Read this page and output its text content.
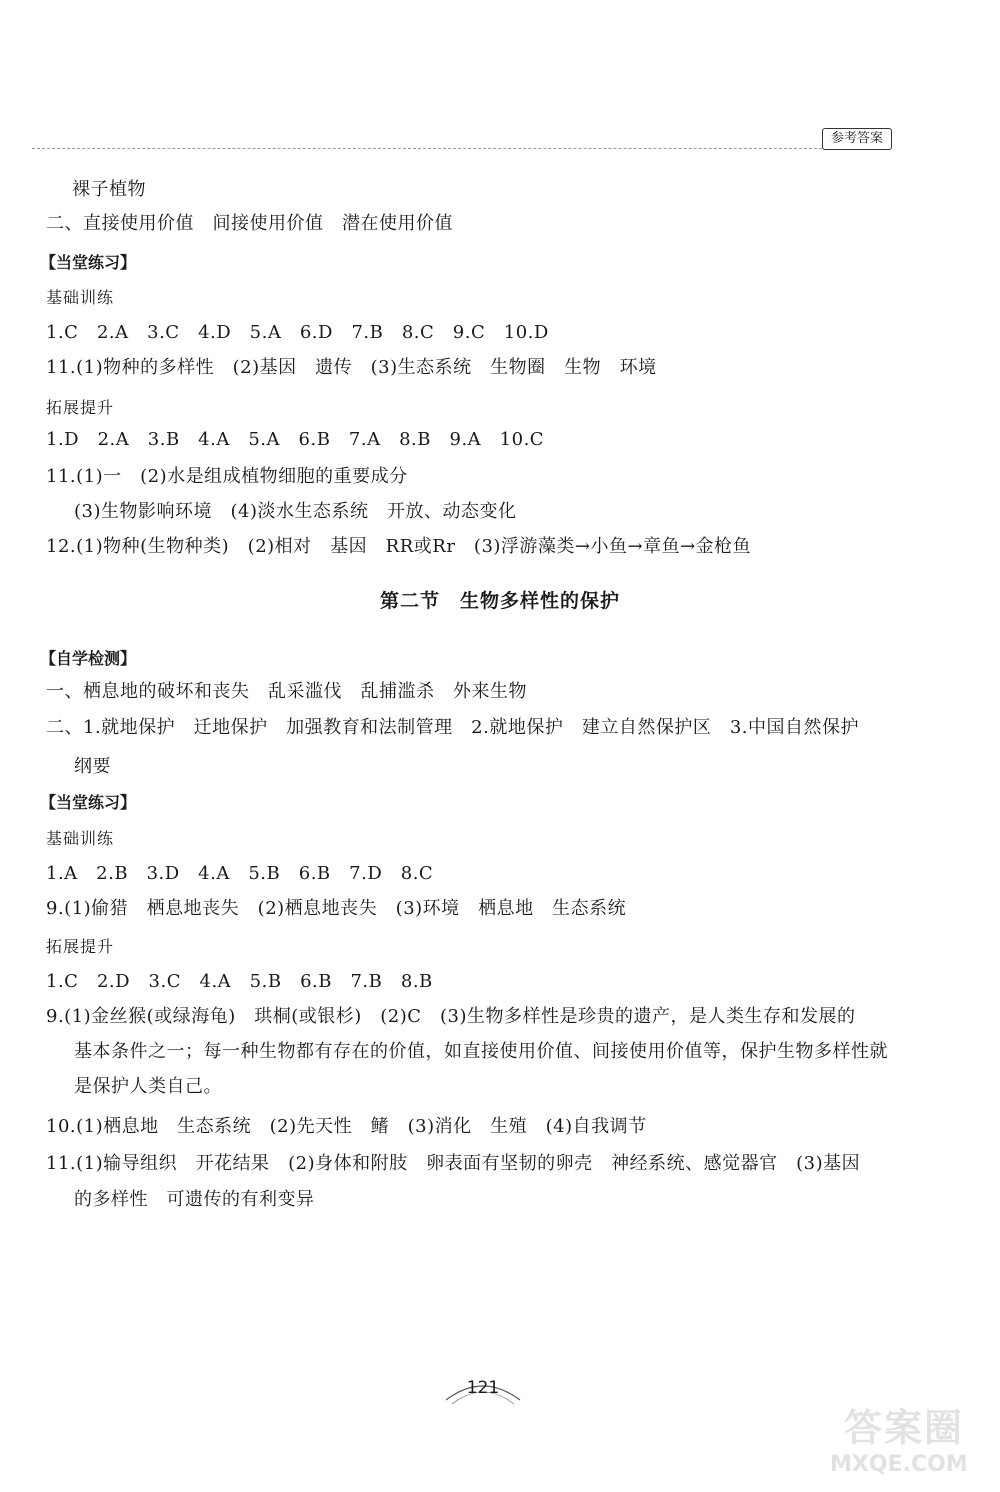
参考答案
裸子植物
二、直接使用价值　间接使用价值　潜在使用价值
【当堂练习】
基础训练
1.C　2.A　3.C　4.D　5.A　6.D　7.B　8.C　9.C　10.D
11.(1)物种的多样性　(2)基因　遗传　(3)生态系统　生物圈　生物　环境
拓展提升
1.D　2.A　3.B　4.A　5.A　6.B　7.A　8.B　9.A　10.C
11.(1)一　(2)水是组成植物细胞的重要成分
(3)生物影响环境　(4)淡水生态系统　开放、动态变化
12.(1)物种(生物种类)　(2)相对　基因　RR或Rr　(3)浮游藻类→小鱼→章鱼→金枪鱼
第二节　生物多样性的保护
【自学检测】
一、栖息地的破坏和丧失　乱采滥伐　乱捕滥杀　外来生物
二、1.就地保护　迁地保护　加强教育和法制管理　2.就地保护　建立自然保护区　3.中国自然保护
纲要
【当堂练习】
基础训练
1.A　2.B　3.D　4.A　5.B　6.B　7.D　8.C
9.(1)偷猎　栖息地丧失　(2)栖息地丧失　(3)环境　栖息地　生态系统
拓展提升
1.C　2.D　3.C　4.A　5.B　6.B　7.B　8.B
9.(1)金丝猴(或绿海龟)　珙桐(或银杉)　(2)C　(3)生物多样性是珍贵的遗产，是人类生存和发展的
基本条件之一；每一种生物都有存在的价值，如直接使用价值、间接使用价值等，保护生物多样性就
是保护人类自己。
10.(1)栖息地　生态系统　(2)先天性　鳍　(3)消化　生殖　(4)自我调节
11.(1)输导组织　开花结果　(2)身体和附肢　卵表面有坚韧的卵壳　神经系统、感觉器官　(3)基因
的多样性　可遗传的有利变异
121
答案圈
MXQE.COM
